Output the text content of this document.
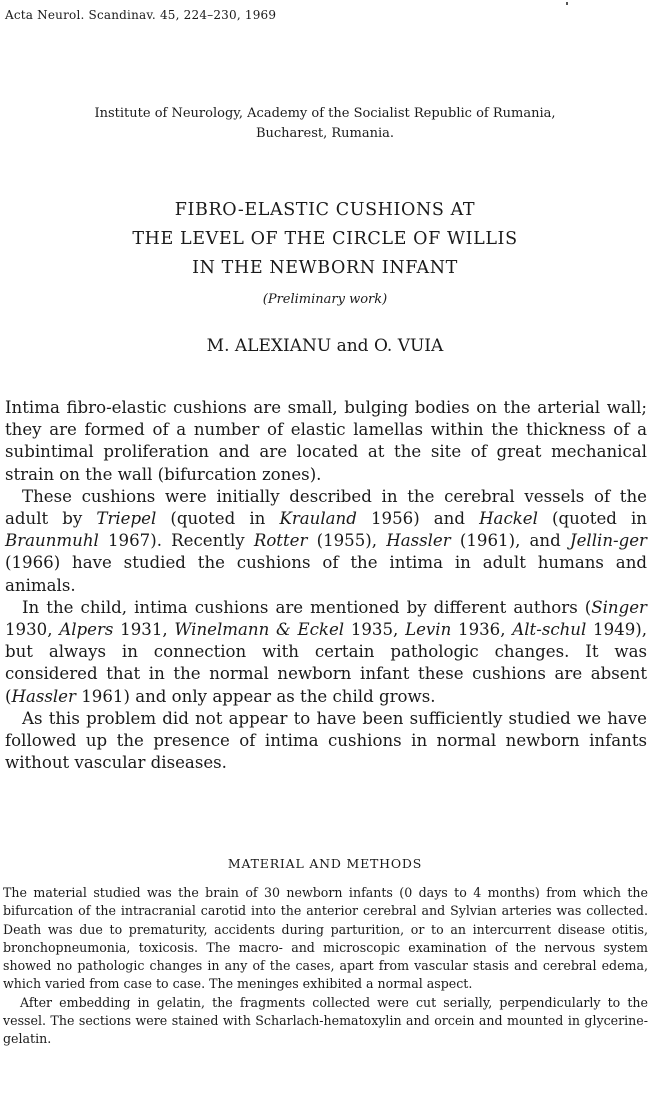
Acta Neurol. Scandinav. 45, 224–230, 1969
Institute of Neurology, Academy of the Socialist Republic of Rumania,
Bucharest, Rumania.
FIBRO-ELASTIC CUSHIONS AT
THE LEVEL OF THE CIRCLE OF WILLIS
IN THE NEWBORN INFANT
(Preliminary work)
M. ALEXIANU and O. VUIA

Intima fibro-elastic cushions are small, bulging bodies on the arterial wall; they are formed of a number of elastic lamellas within the thickness of a subintimal proliferation and are located at the site of great mechanical strain on the wall (bifurcation zones).

These cushions were initially described in the cerebral vessels of the adult by Triepel (quoted in Krauland 1956) and Hackel (quoted in Braunmuhl 1967). Recently Rotter (1955), Hassler (1961), and Jellin-ger (1966) have studied the cushions of the intima in adult humans and animals.

In the child, intima cushions are mentioned by different authors (Singer 1930, Alpers 1931, Winelmann & Eckel 1935, Levin 1936, Alt-schul 1949), but always in connection with certain pathologic changes. It was considered that in the normal newborn infant these cushions are absent (Hassler 1961) and only appear as the child grows.

As this problem did not appear to have been sufficiently studied we have followed up the presence of intima cushions in normal newborn infants without vascular diseases.

MATERIAL AND METHODS

The material studied was the brain of 30 newborn infants (0 days to 4 months) from which the bifurcation of the intracranial carotid into the anterior cerebral and Sylvian arteries was collected. Death was due to prematurity, accidents during parturition, or to an intercurrent disease otitis, bronchopneumonia, toxicosis. The macro- and microscopic examination of the nervous system showed no pathologic changes in any of the cases, apart from vascular stasis and cerebral edema, which varied from case to case. The meninges exhibited a normal aspect.

After embedding in gelatin, the fragments collected were cut serially, perpendicularly to the vessel. The sections were stained with Scharlach-hematoxylin and orcein and mounted in glycerine-gelatin.
